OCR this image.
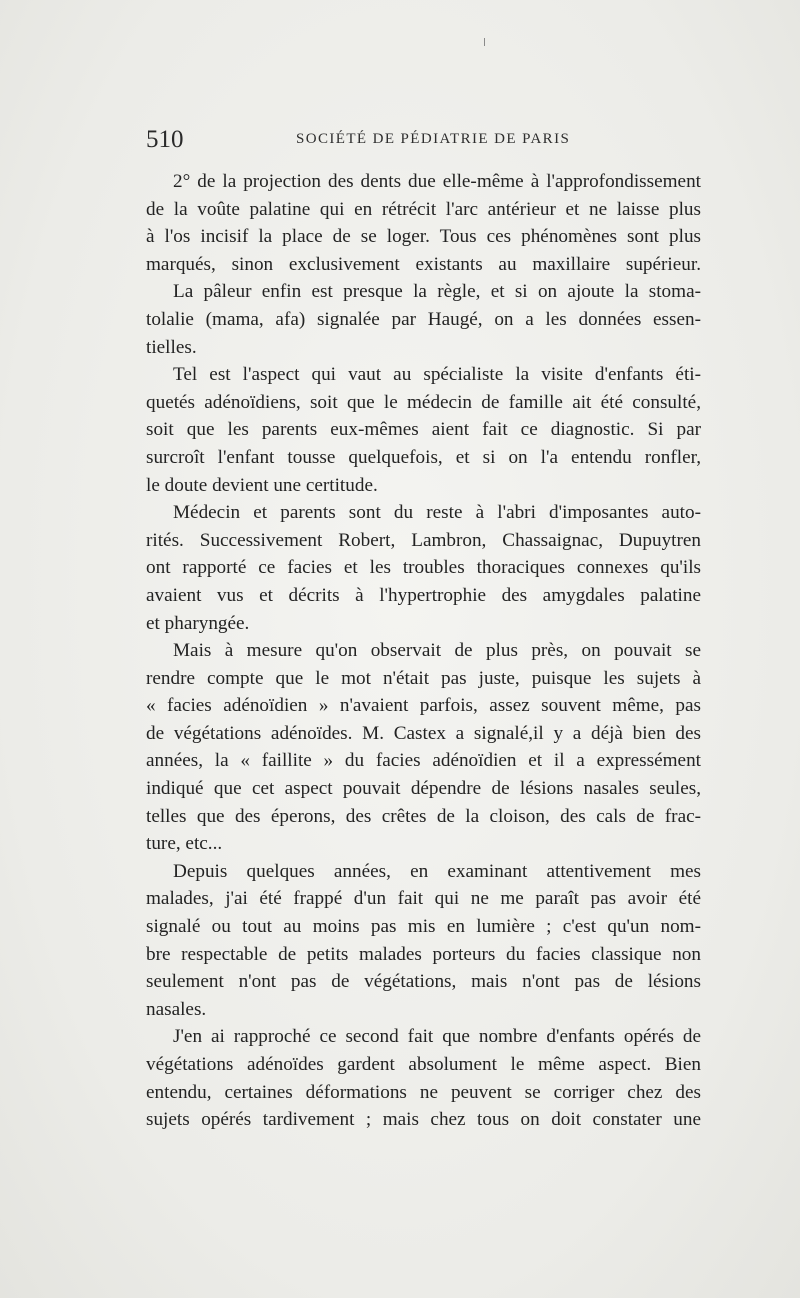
510	SOCIÉTÉ DE PÉDIATRIE DE PARIS
2° de la projection des dents due elle-même à l'approfondissement
de la voûte palatine qui en rétrécit l'arc antérieur et ne laisse plus
à l'os incisif la place de se loger. Tous ces phénomènes sont plus
marqués, sinon exclusivement existants au maxillaire supérieur.
La pâleur enfin est presque la règle, et si on ajoute la stoma-
tolalie (mama, afa) signalée par Haugé, on a les données essen-
tielles.
Tel est l'aspect qui vaut au spécialiste la visite d'enfants éti-
quetés adénoïdiens, soit que le médecin de famille ait été consulté,
soit que les parents eux-mêmes aient fait ce diagnostic. Si par
surcroît l'enfant tousse quelquefois, et si on l'a entendu ronfler,
le doute devient une certitude.
Médecin et parents sont du reste à l'abri d'imposantes auto-
rités. Successivement Robert, Lambron, Chassaignac, Dupuytren
ont rapporté ce facies et les troubles thoraciques connexes qu'ils
avaient vus et décrits à l'hypertrophie des amygdales palatine
et pharyngée.
Mais à mesure qu'on observait de plus près, on pouvait se
rendre compte que le mot n'était pas juste, puisque les sujets à
« facies adénoïdien » n'avaient parfois, assez souvent même, pas
de végétations adénoïdes. M. Castex a signalé,il y a déjà bien des
années, la « faillite » du facies adénoïdien et il a expressément
indiqué que cet aspect pouvait dépendre de lésions nasales seules,
telles que des éperons, des crêtes de la cloison, des cals de frac-
ture, etc...
Depuis quelques années, en examinant attentivement mes
malades, j'ai été frappé d'un fait qui ne me paraît pas avoir été
signalé ou tout au moins pas mis en lumière ; c'est qu'un nom-
bre respectable de petits malades porteurs du facies classique non
seulement n'ont pas de végétations, mais n'ont pas de lésions
nasales.
J'en ai rapproché ce second fait que nombre d'enfants opérés de
végétations adénoïdes gardent absolument le même aspect. Bien
entendu, certaines déformations ne peuvent se corriger chez des
sujets opérés tardivement ; mais chez tous on doit constater une
